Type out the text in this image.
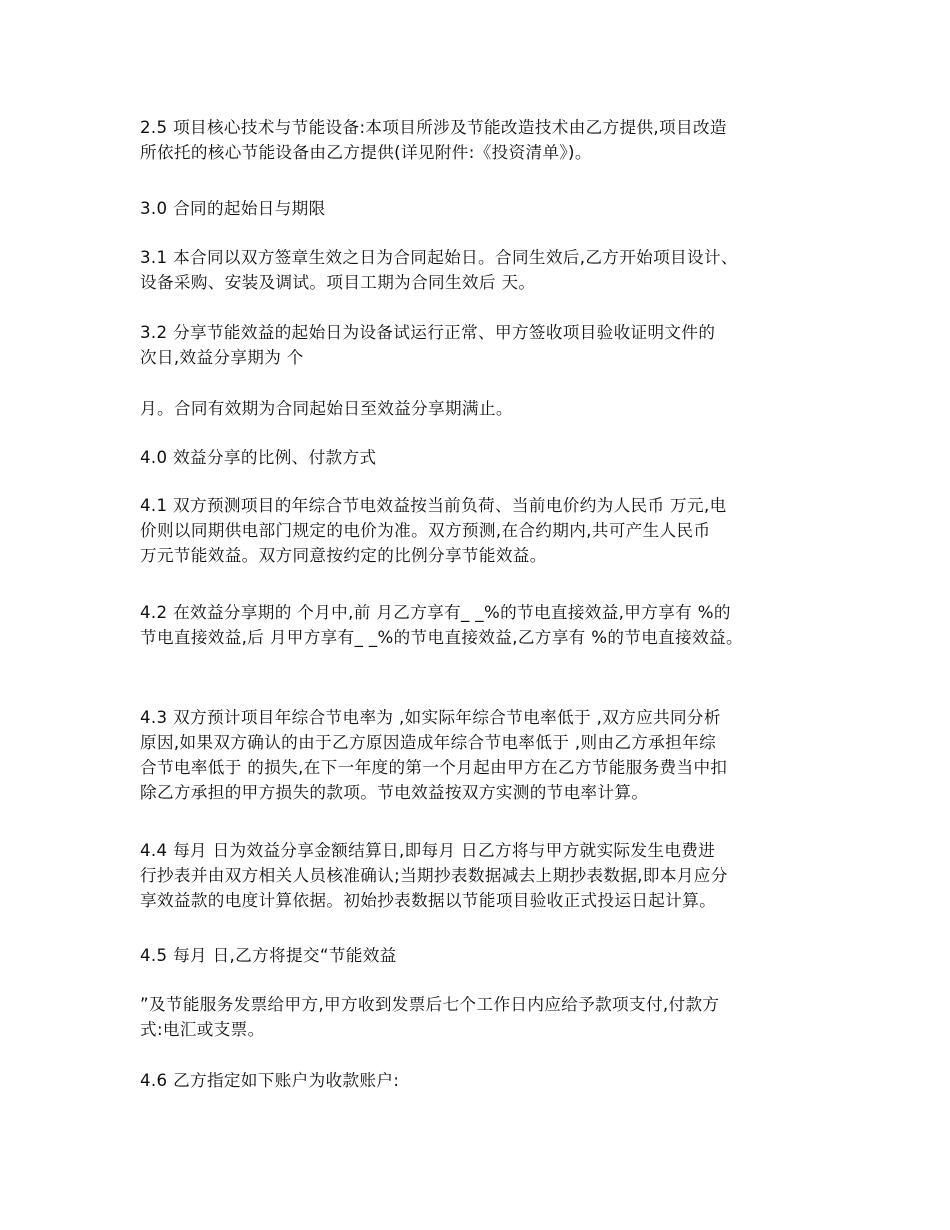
2.5 项目核心技术与节能设备:本项目所涉及节能改造技术由乙方提供,项目改造
所依托的核心节能设备由乙方提供(详见附件:《投资清单》)。
3.0 合同的起始日与期限
3.1 本合同以双方签章生效之日为合同起始日。合同生效后,乙方开始项目设计、
设备采购、安装及调试。项目工期为合同生效后 天。
3.2 分享节能效益的起始日为设备试运行正常、甲方签收项目验收证明文件的
次日,效益分享期为 个
月。合同有效期为合同起始日至效益分享期满止。
4.0 效益分享的比例、付款方式
4.1 双方预测项目的年综合节电效益按当前负荷、当前电价约为人民币 万元,电
价则以同期供电部门规定的电价为准。双方预测,在合约期内,共可产生人民币
万元节能效益。双方同意按约定的比例分享节能效益。
4.2 在效益分享期的 个月中,前 月乙方享有_ _%的节电直接效益,甲方享有 %的
节电直接效益,后 月甲方享有_ _%的节电直接效益,乙方享有 %的节电直接效益。
4.3 双方预计项目年综合节电率为 ,如实际年综合节电率低于 ,双方应共同分析
原因,如果双方确认的由于乙方原因造成年综合节电率低于 ,则由乙方承担年综
合节电率低于 的损失,在下一年度的第一个月起由甲方在乙方节能服务费当中扣
除乙方承担的甲方损失的款项。节电效益按双方实测的节电率计算。
4.4 每月 日为效益分享金额结算日,即每月 日乙方将与甲方就实际发生电费进
行抄表并由双方相关人员核准确认;当期抄表数据减去上期抄表数据,即本月应分
享效益款的电度计算依据。初始抄表数据以节能项目验收正式投运日起计算。
4.5 每月 日,乙方将提交“节能效益
”及节能服务发票给甲方,甲方收到发票后七个工作日内应给予款项支付,付款方
式:电汇或支票。
4.6 乙方指定如下账户为收款账户:
